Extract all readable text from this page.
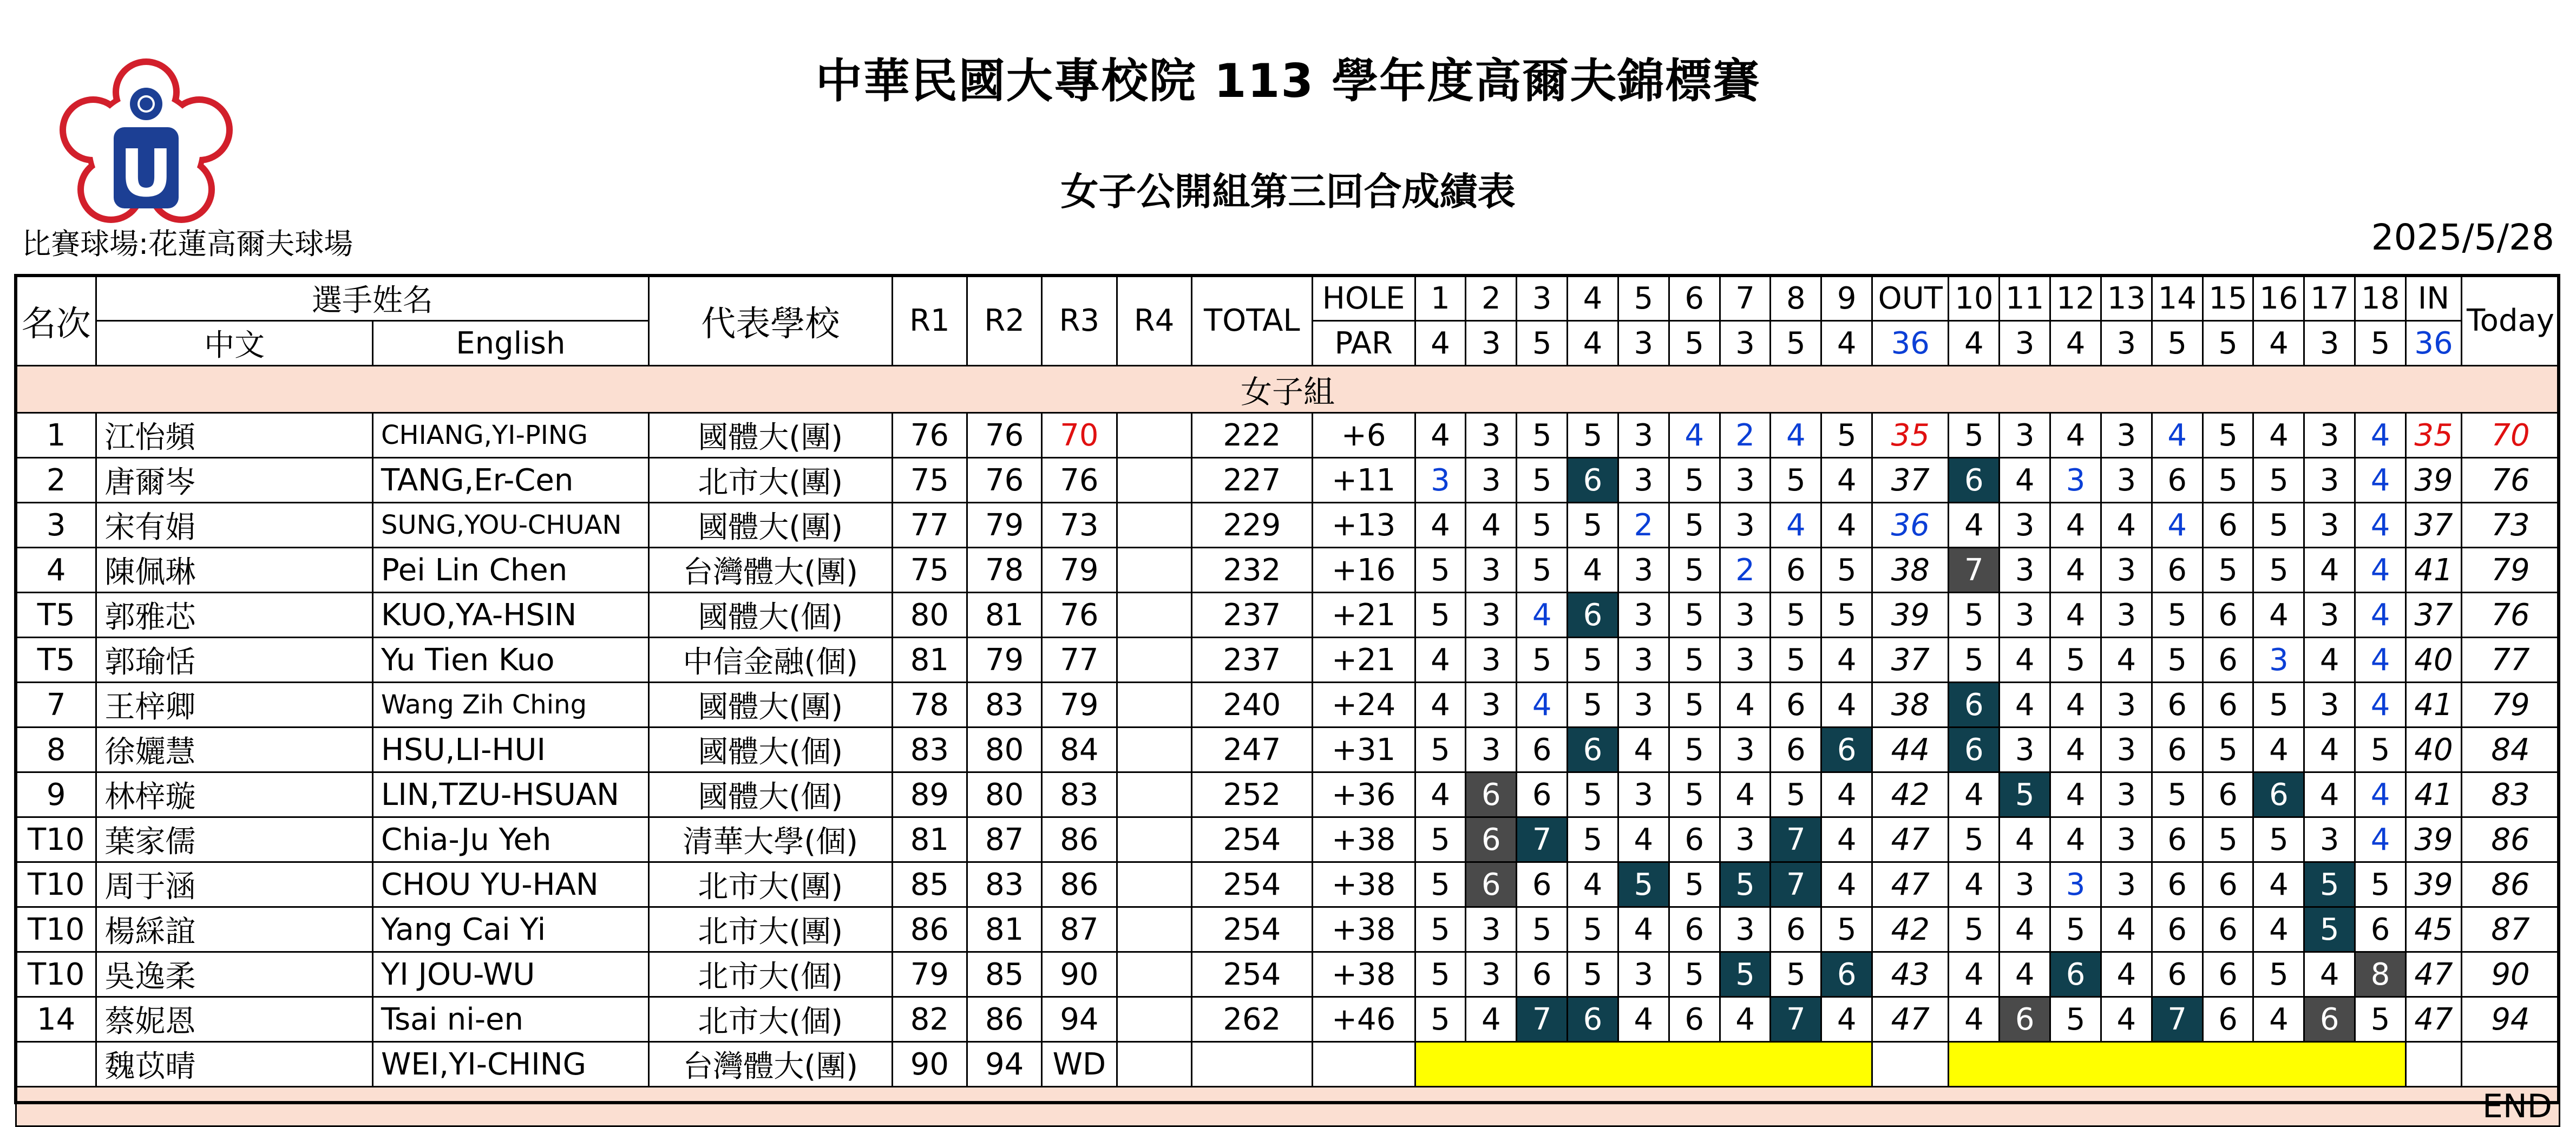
U
中華民國大專校院 113 學年度高爾夫錦標賽
女子公開組第三回合成績表
比賽球場:花蓮高爾夫球場	2025/5/28
名次	選手姓名		代表學校	R1	R2	R3	R4	TOTAL	HOLE	1	2	3	4	5	6	7	8	9	OUT	10	11	12	13	14	15	16	17	18	IN	Today
	中文	English							PAR	4	3	5	4	3	5	3	5	4	36	4	3	4	3	5	5	4	3	5	36	
女子組																														
1	江怡頻	CHIANG,YI-PING	國體大(團)	76	76	70		222	+6	4	3	5	5	3	4	2	4	5	35	5	3	4	3	4	5	4	3	4	35	70
2	唐爾岑	TANG,Er-Cen	北市大(團)	75	76	76		227	+11	3	3	5	6	3	5	3	5	4	37	6	4	3	3	6	5	5	3	4	39	76
3	宋有娟	SUNG,YOU-CHUAN	國體大(團)	77	79	73		229	+13	4	4	5	5	2	5	3	4	4	36	4	3	4	4	4	6	5	3	4	37	73
4	陳佩琳	Pei Lin Chen	台灣體大(團)	75	78	79		232	+16	5	3	5	4	3	5	2	6	5	38	7	3	4	3	6	5	5	4	4	41	79
T5	郭雅芯	KUO,YA-HSIN	國體大(個)	80	81	76		237	+21	5	3	4	6	3	5	3	5	5	39	5	3	4	3	5	6	4	3	4	37	76
T5	郭瑜恬	Yu Tien Kuo	中信金融(個)	81	79	77		237	+21	4	3	5	5	3	5	3	5	4	37	5	4	5	4	5	6	3	4	4	40	77
7	王梓卿	Wang Zih Ching	國體大(團)	78	83	79		240	+24	4	3	4	5	3	5	4	6	4	38	6	4	4	3	6	6	5	3	4	41	79
8	徐孋慧	HSU,LI-HUI	國體大(個)	83	80	84		247	+31	5	3	6	6	4	5	3	6	6	44	6	3	4	3	6	5	4	4	5	40	84
9	林梓璇	LIN,TZU-HSUAN	國體大(個)	89	80	83		252	+36	4	6	6	5	3	5	4	5	4	42	4	5	4	3	5	6	6	4	4	41	83
T10	葉家儒	Chia-Ju Yeh	清華大學(個)	81	87	86		254	+38	5	6	7	5	4	6	3	7	4	47	5	4	4	3	6	5	5	3	4	39	86
T10	周于涵	CHOU YU-HAN	北市大(團)	85	83	86		254	+38	5	6	6	4	5	5	5	7	4	47	4	3	3	3	6	6	4	5	5	39	86
T10	楊綵誼	Yang Cai Yi	北市大(團)	86	81	87		254	+38	5	3	5	5	4	6	3	6	5	42	5	4	5	4	6	6	4	5	6	45	87
T10	吳逸柔	YI JOU-WU	北市大(個)	79	85	90		254	+38	5	3	6	5	3	5	5	5	6	43	4	4	6	4	6	6	5	4	8	47	90
14	蔡妮恩	Tsai ni-en	北市大(個)	82	86	94		262	+46	5	4	7	6	4	6	4	7	4	47	4	6	5	4	7	6	4	6	5	47	94
	魏苡晴	WEI,YI-CHING	台灣體大(團)	90	94	WD																								
END																														
